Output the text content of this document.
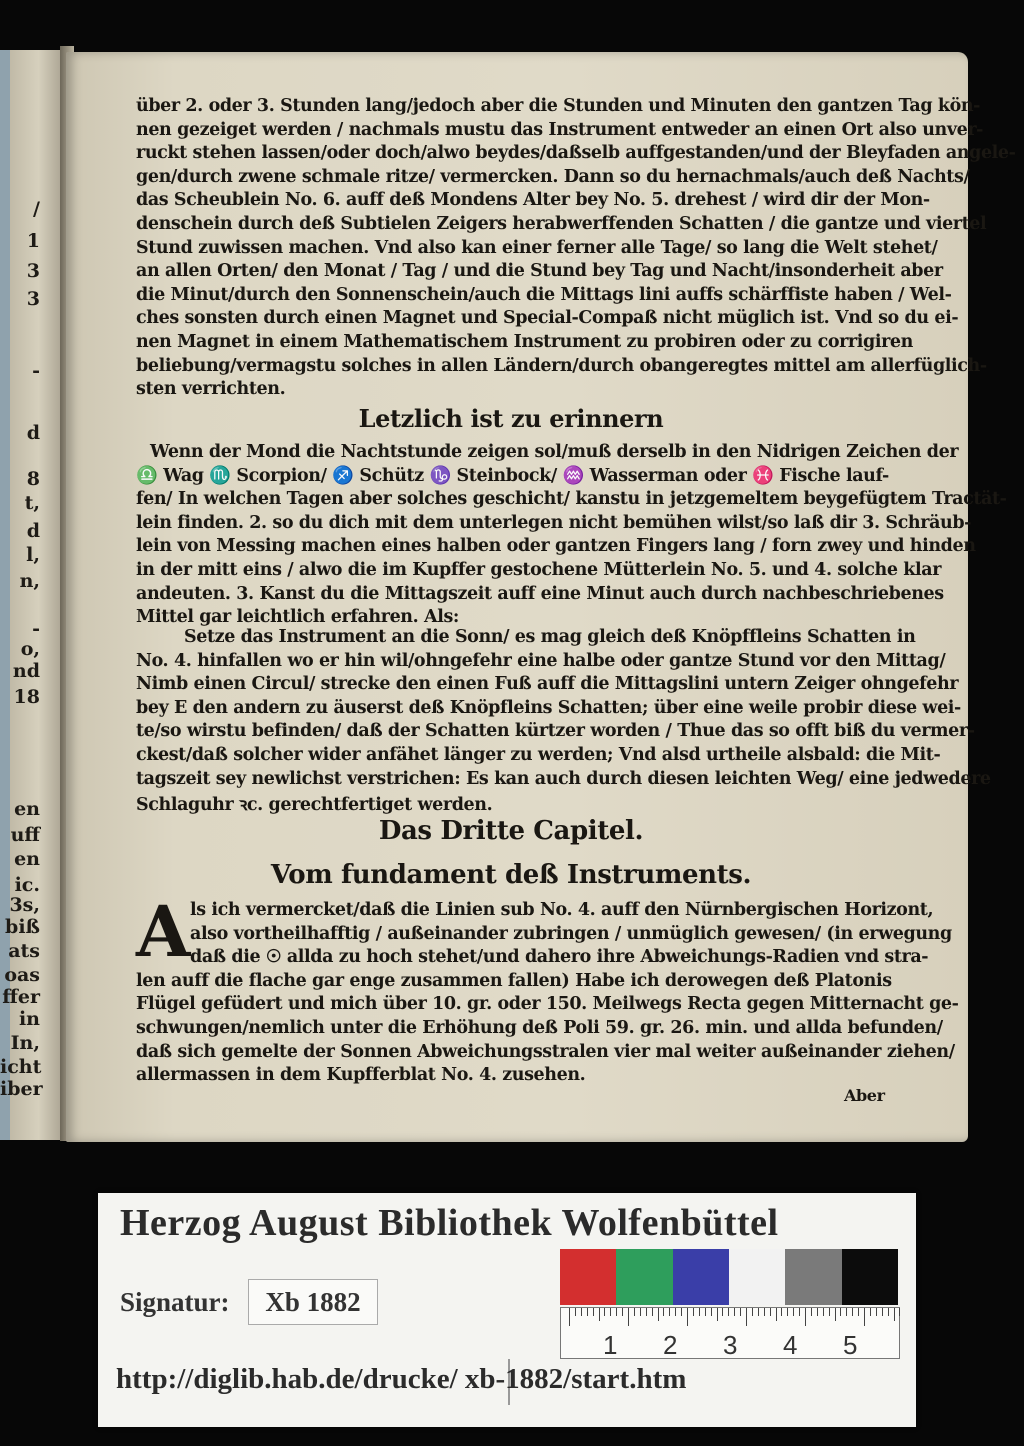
/
1
3
3
-
d
8
t,
d
l,
n,
-
o,
nd
18
en
uff
en
ic.
3s,
biß
ats
oas
ffer
in
In,
icht
iber
über 2. oder 3. Stunden lang/jedoch aber die Stunden und Minuten den gantzen Tag kön-
nen gezeiget werden / nachmals mustu das Instrument entweder an einen Ort also unver-
ruckt stehen lassen/oder doch/alwo beydes/daßselb auffgestanden/und der Bleyfaden angele-
gen/durch zwene schmale ritze/ vermercken. Dann so du hernachmals/auch deß Nachts/
das Scheublein No. 6. auff deß Mondens Alter bey No. 5. drehest / wird dir der Mon-
denschein durch deß Subtielen Zeigers herabwerffenden Schatten / die gantze und viertel
Stund zuwissen machen. Vnd also kan einer ferner alle Tage/ so lang die Welt stehet/
an allen Orten/ den Monat / Tag / und die Stund bey Tag und Nacht/insonderheit aber
die Minut/durch den Sonnenschein/auch die Mittags lini auffs schärffiste haben / Wel-
ches sonsten durch einen Magnet und Special-Compaß nicht müglich ist. Vnd so du ei-
nen Magnet in einem Mathematischem Instrument zu probiren oder zu corrigiren
beliebung/vermagstu solches in allen Ländern/durch obangeregtes mittel am allerfüglich-
sten verrichten.
Letzlich ist zu erinnern
Wenn der Mond die Nachtstunde zeigen sol/muß derselb in den Nidrigen Zeichen der
♎ Wag ♏ Scorpion/ ♐ Schütz ♑ Steinbock/ ♒ Wasserman oder ♓ Fische lauf-
fen/ In welchen Tagen aber solches geschicht/ kanstu in jetzgemeltem beygefügtem Tractät-
lein finden. 2. so du dich mit dem unterlegen nicht bemühen wilst/so laß dir 3. Schräub-
lein von Messing machen eines halben oder gantzen Fingers lang / forn zwey und hinden
in der mitt eins / alwo die im Kupffer gestochene Mütterlein No. 5. und 4. solche klar
andeuten. 3. Kanst du die Mittagszeit auff eine Minut auch durch nachbeschriebenes
Mittel gar leichtlich erfahren. Als:
Setze das Instrument an die Sonn/ es mag gleich deß Knöpffleins Schatten in
No. 4. hinfallen wo er hin wil/ohngefehr eine halbe oder gantze Stund vor den Mittag/
Nimb einen Circul/ strecke den einen Fuß auff die Mittagslini untern Zeiger ohngefehr
bey E den andern zu äuserst deß Knöpfleins Schatten; über eine weile probir diese wei-
te/so wirstu befinden/ daß der Schatten kürtzer worden / Thue das so offt biß du vermer-
ckest/daß solcher wider anfähet länger zu werden; Vnd alsd urtheile alsbald: die Mit-
tagszeit sey newlichst verstrichen: Es kan auch durch diesen leichten Weg/ eine jedwedere
Schlaguhr ꝛc. gerechtfertiget werden.
Das Dritte Capitel.
Vom fundament deß Instruments.
A ls ich vermercket/daß die Linien sub No. 4. auff den Nürnbergischen Horizont,
also vortheilhafftig / außeinander zubringen / unmüglich gewesen/ (in erwegung
daß die ☉ allda zu hoch stehet/und dahero ihre Abweichungs-Radien vnd stra-
len auff die flache gar enge zusammen fallen) Habe ich derowegen deß Platonis
Flügel gefüdert und mich über 10. gr. oder 150. Meilwegs Recta gegen Mitternacht ge-
schwungen/nemlich unter die Erhöhung deß Poli 59. gr. 26. min. und allda befunden/
daß sich gemelte der Sonnen Abweichungsstralen vier mal weiter außeinander ziehen/
allermassen in dem Kupfferblat No. 4. zusehen.
Aber
Herzog August Bibliothek Wolfenbüttel
Signatur:	Xb 1882
1 2 3 4 5
http://diglib.hab.de/drucke/ xb-1882/start.htm
